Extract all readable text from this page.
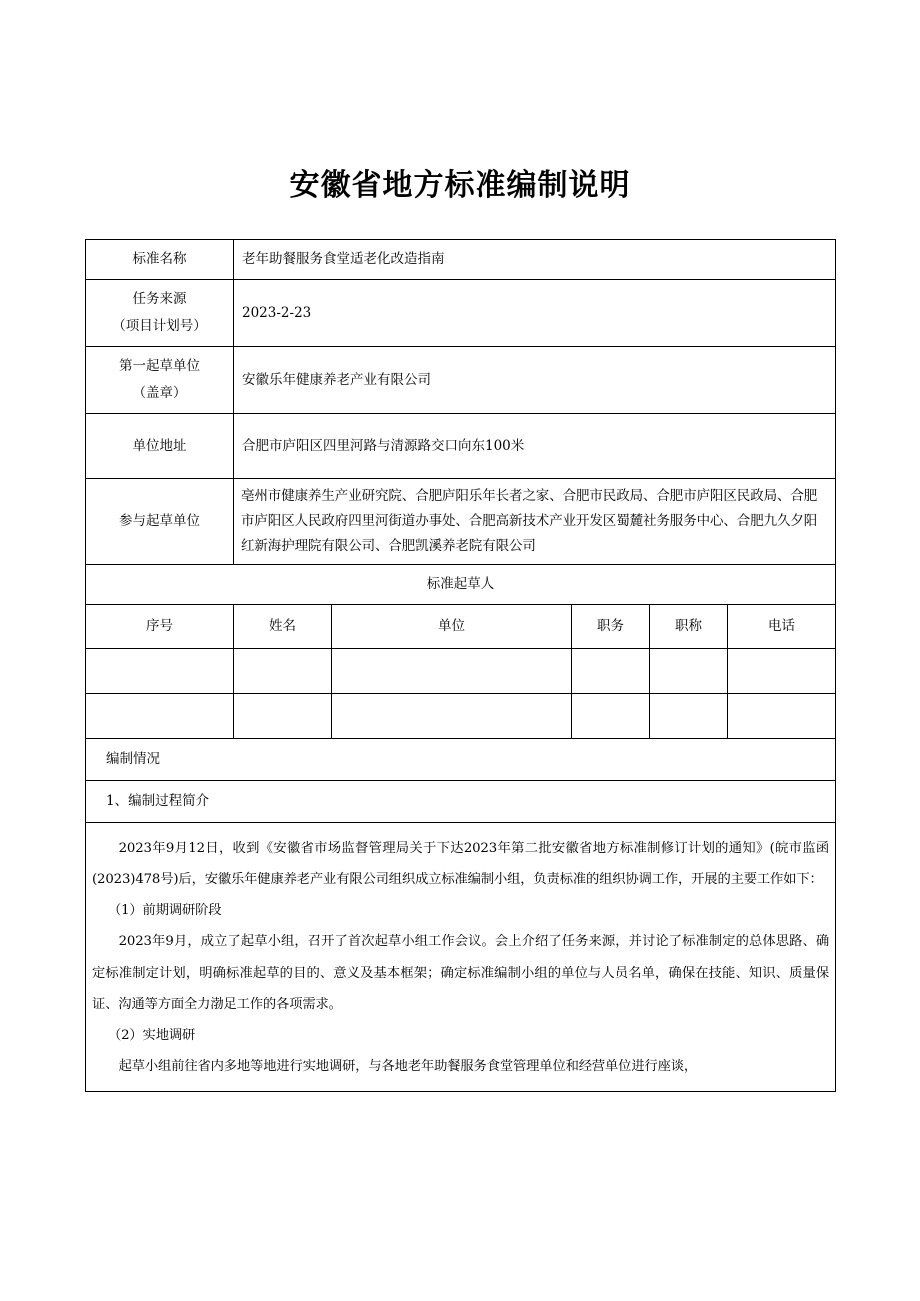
安徽省地方标准编制说明
标准名称	老年助餐服务食堂适老化改造指南				

任务来源
（项目计划号）	2023-2-23				

第一起草单位
（盖章）	安徽乐年健康养老产业有限公司				

单位地址	合肥市庐阳区四里河路与清源路交口向东100米				

参与起草单位	亳州市健康养生产业研究院、合肥庐阳乐年长者之家、合肥市民政局、合肥市庐阳区民政局、合肥市庐阳区人民政府四里河街道办事处、合肥高新技术产业开发区蜀麓社务服务中心、合肥九久夕阳红新海护理院有限公司、合肥凯溪养老院有限公司				
标准起草人					
序号	姓名	单位	职务	职称	电话

编制情况					
1、编制过程简介					

2023年9月12日，收到《安徽省市场监督管理局关于下达2023年第二批安徽省地方标准制修订计划的通知》(皖市监函(2023)478号)后，安徽乐年健康养老产业有限公司组织成立标准编制小组，负责标准的组织协调工作，开展的主要工作如下：

（1）前期调研阶段

2023年9月，成立了起草小组，召开了首次起草小组工作会议。会上介绍了任务来源，并讨论了标准制定的总体思路、确定标准制定计划，明确标准起草的目的、意义及基本框架；确定标准编制小组的单位与人员名单，确保在技能、知识、质量保证、沟通等方面全力渤足工作的各项需求。

（2）实地调研

起草小组前往省内多地等地进行实地调研，与各地老年助餐服务食堂管理单位和经营单位进行座谈，					
